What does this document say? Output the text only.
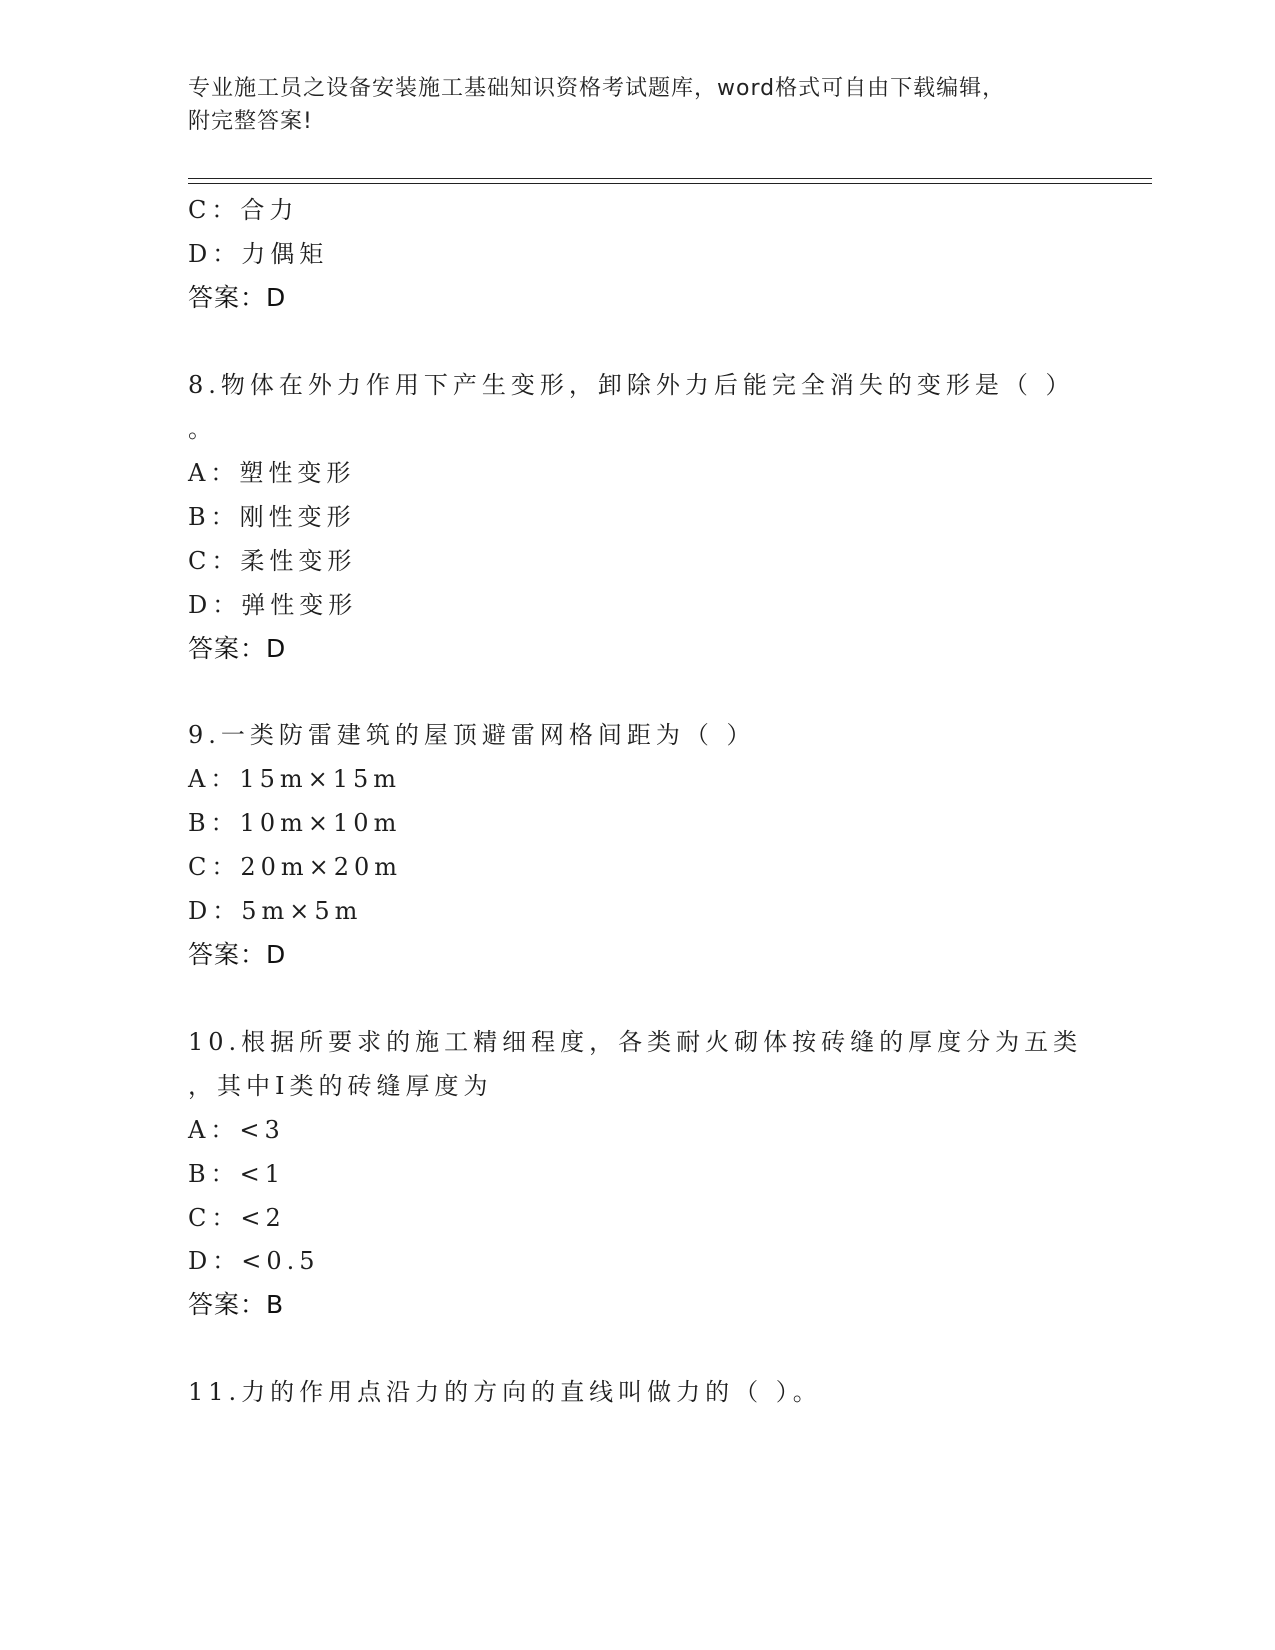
专业施工员之设备安装施工基础知识资格考试题库，word格式可自由下载编辑，
附完整答案!
C：合力
D：力偶矩
答案：D
8.物体在外力作用下产生变形，卸除外力后能完全消失的变形是（ ）
。
A：塑性变形
B：刚性变形
C：柔性变形
D：弹性变形
答案：D
9.一类防雷建筑的屋顶避雷网格间距为（ ）
A：15m×15m
B：10m×10m
C：20m×20m
D：5m×5m
答案：D
10.根据所要求的施工精细程度，各类耐火砌体按砖缝的厚度分为五类
，其中Ⅰ类的砖缝厚度为
A：<3
B：<1
C：<2
D：<0.5
答案：B
11.力的作用点沿力的方向的直线叫做力的（ ）。
